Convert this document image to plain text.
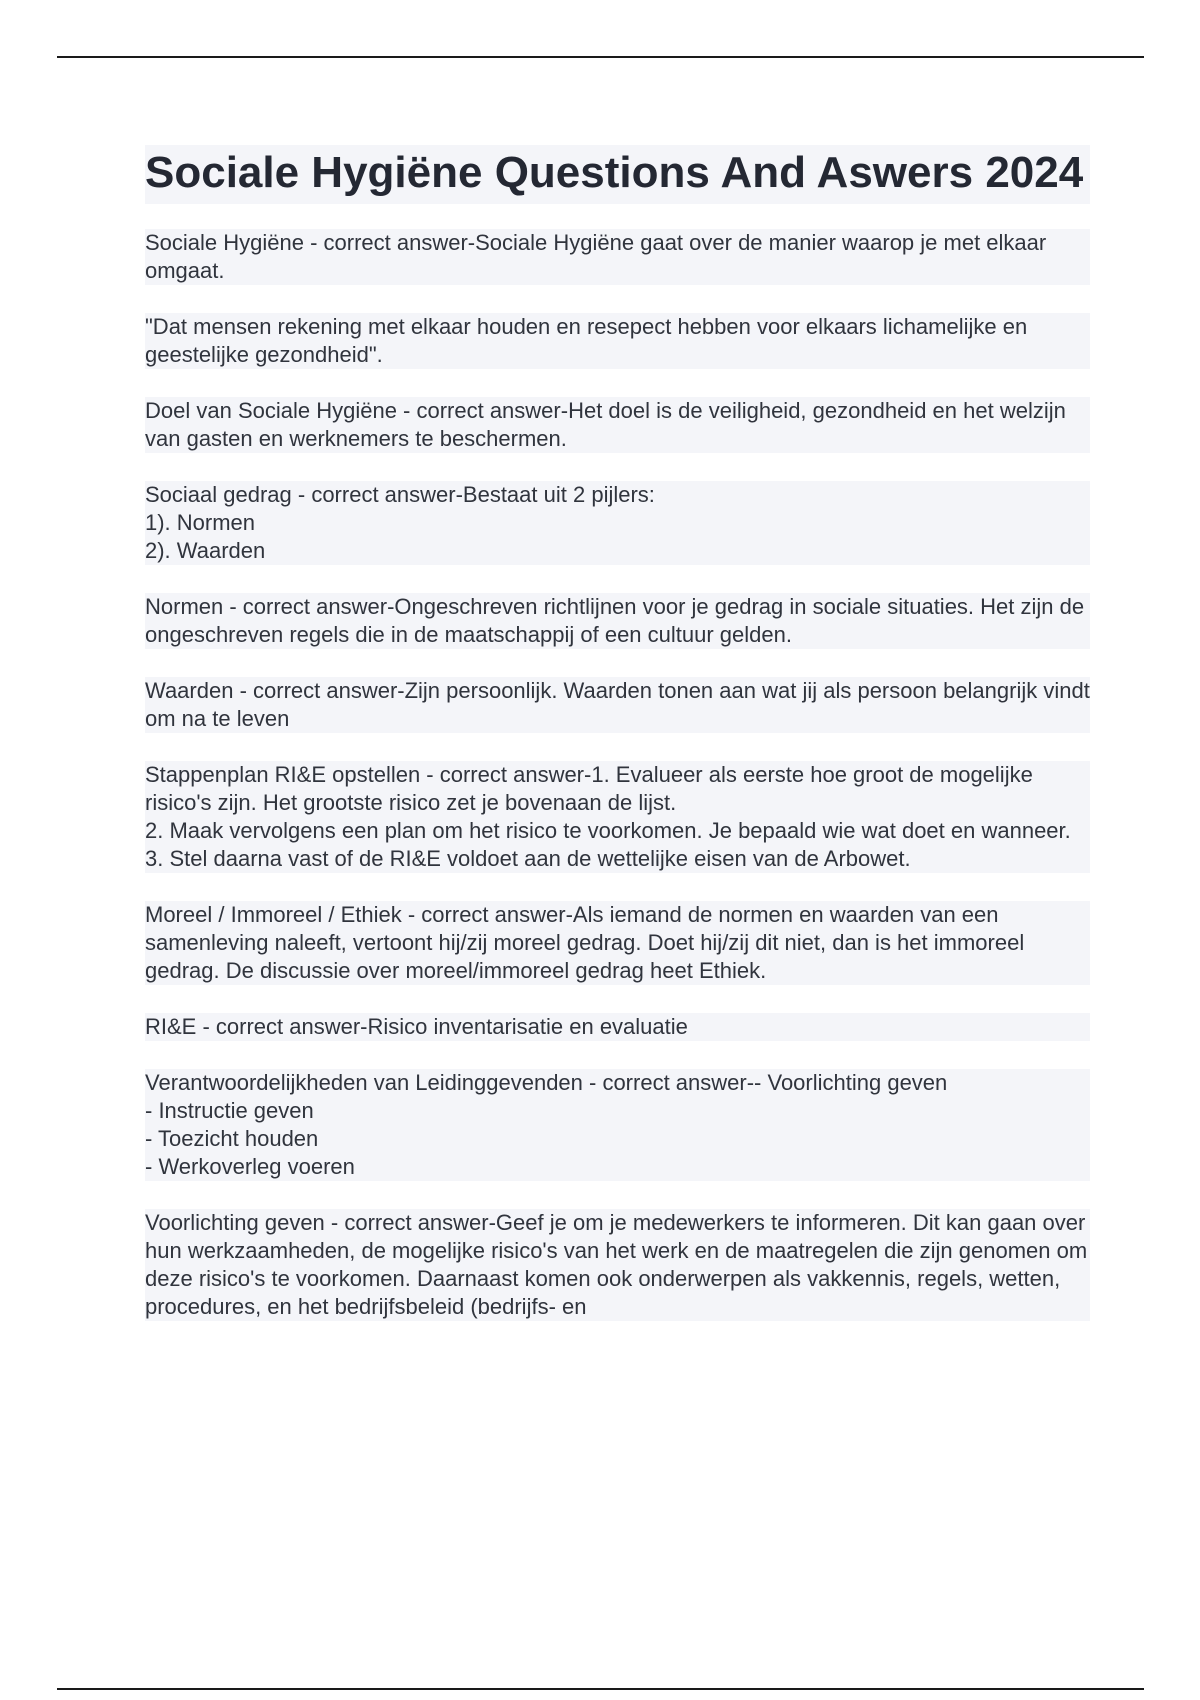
Sociale Hygiëne Questions And Aswers 2024

Sociale Hygiëne - correct answer-Sociale Hygiëne gaat over de manier waarop je met elkaar omgaat.

"Dat mensen rekening met elkaar houden en resepect hebben voor elkaars lichamelijke en geestelijke gezondheid".

Doel van Sociale Hygiëne - correct answer-Het doel is de veiligheid, gezondheid en het welzijn van gasten en werknemers te beschermen.

Sociaal gedrag - correct answer-Bestaat uit 2 pijlers:
1). Normen
2). Waarden

Normen - correct answer-Ongeschreven richtlijnen voor je gedrag in sociale situaties. Het zijn de ongeschreven regels die in de maatschappij of een cultuur gelden.

Waarden - correct answer-Zijn persoonlijk. Waarden tonen aan wat jij als persoon belangrijk vindt om na te leven

Stappenplan RI&E opstellen - correct answer-1. Evalueer als eerste hoe groot de mogelijke risico's zijn. Het grootste risico zet je bovenaan de lijst.
2. Maak vervolgens een plan om het risico te voorkomen. Je bepaald wie wat doet en wanneer.
3. Stel daarna vast of de RI&E voldoet aan de wettelijke eisen van de Arbowet.

Moreel / Immoreel / Ethiek - correct answer-Als iemand de normen en waarden van een samenleving naleeft, vertoont hij/zij moreel gedrag. Doet hij/zij dit niet, dan is het immoreel gedrag. De discussie over moreel/immoreel gedrag heet Ethiek.

RI&E - correct answer-Risico inventarisatie en evaluatie

Verantwoordelijkheden van Leidinggevenden - correct answer-- Voorlichting geven
- Instructie geven
- Toezicht houden
- Werkoverleg voeren

Voorlichting geven - correct answer-Geef je om je medewerkers te informeren. Dit kan gaan over hun werkzaamheden, de mogelijke risico's van het werk en de maatregelen die zijn genomen om deze risico's te voorkomen. Daarnaast komen ook onderwerpen als vakkennis, regels, wetten, procedures, en het bedrijfsbeleid (bedrijfs- en
